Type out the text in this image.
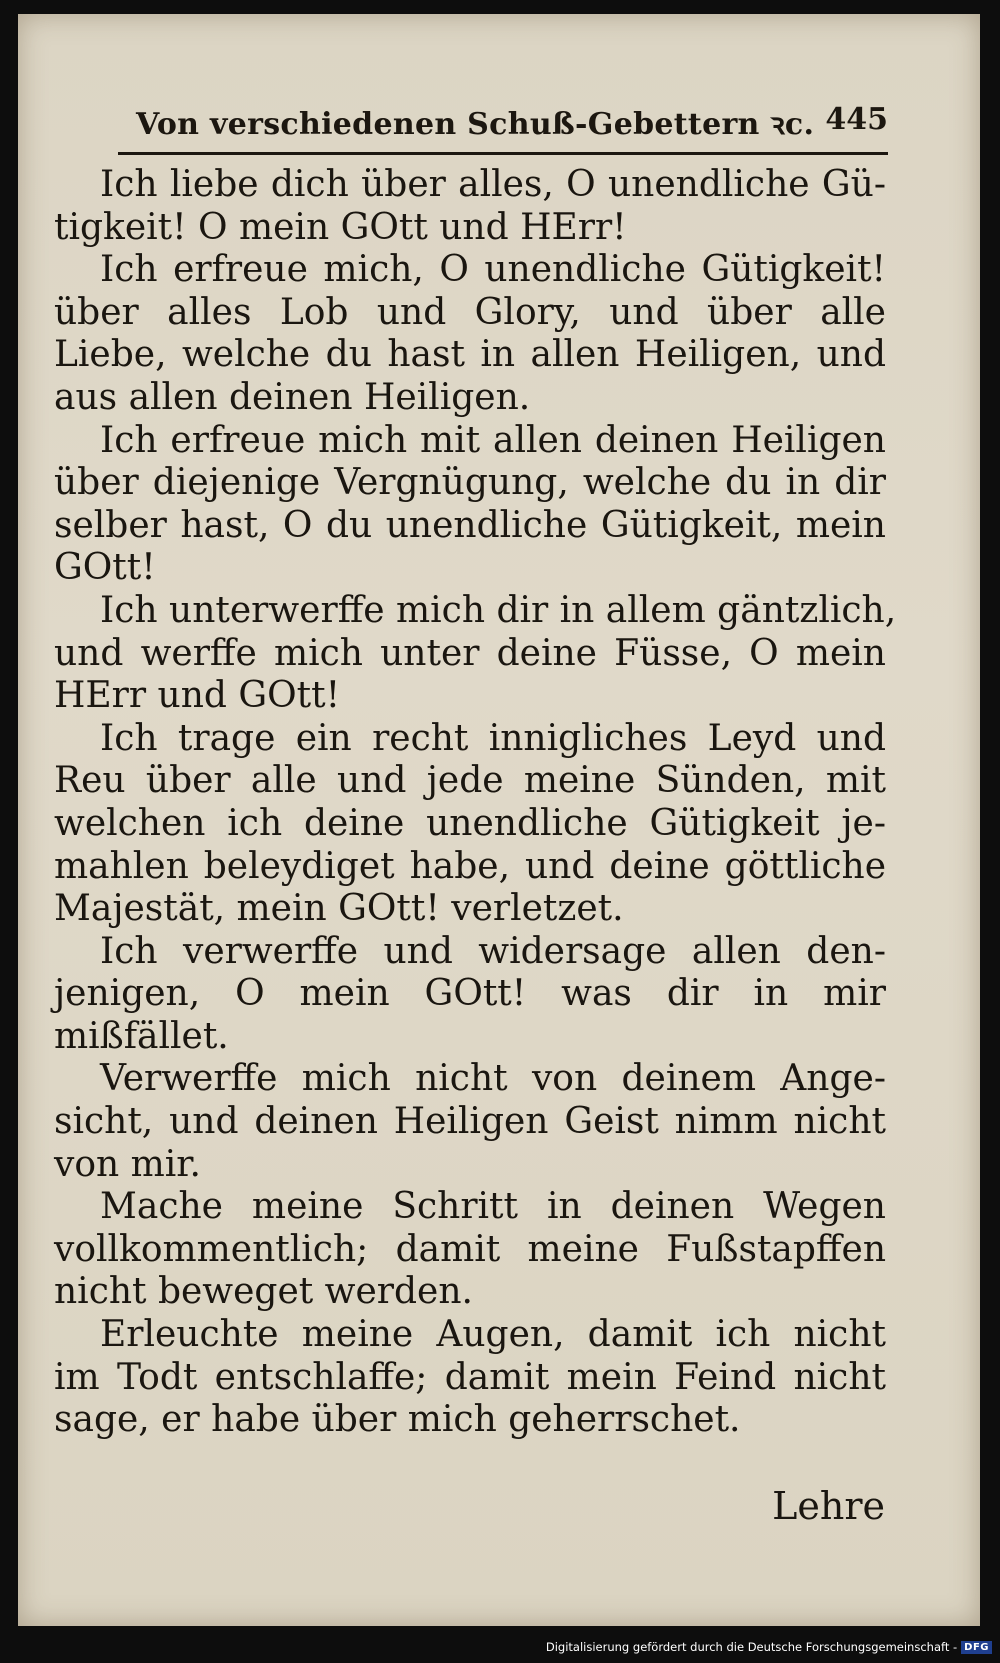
Von verschiedenen Schuß-Gebettern ꝛc. 445
Ich liebe dich über alles, O unendliche Gü-
tigkeit! O mein GOtt und HErr!
Ich erfreue mich, O unendliche Gütigkeit!
über alles Lob und Glory, und über alle
Liebe, welche du hast in allen Heiligen, und
aus allen deinen Heiligen.
Ich erfreue mich mit allen deinen Heiligen
über diejenige Vergnügung, welche du in dir
selber hast, O du unendliche Gütigkeit, mein
GOtt!
Ich unterwerffe mich dir in allem gäntzlich,
und werffe mich unter deine Füsse, O mein
HErr und GOtt!
Ich trage ein recht innigliches Leyd und
Reu über alle und jede meine Sünden, mit
welchen ich deine unendliche Gütigkeit je-
mahlen beleydiget habe, und deine göttliche
Majestät, mein GOtt! verletzet.
Ich verwerffe und widersage allen den-
jenigen, O mein GOtt! was dir in mir
mißfället.
Verwerffe mich nicht von deinem Ange-
sicht, und deinen Heiligen Geist nimm nicht
von mir.
Mache meine Schritt in deinen Wegen
vollkommentlich; damit meine Fußstapffen
nicht beweget werden.
Erleuchte meine Augen, damit ich nicht
im Todt entschlaffe; damit mein Feind nicht
sage, er habe über mich geherrschet.
Lehre
Digitalisierung gefördert durch die Deutsche Forschungsgemeinschaft - DFG
